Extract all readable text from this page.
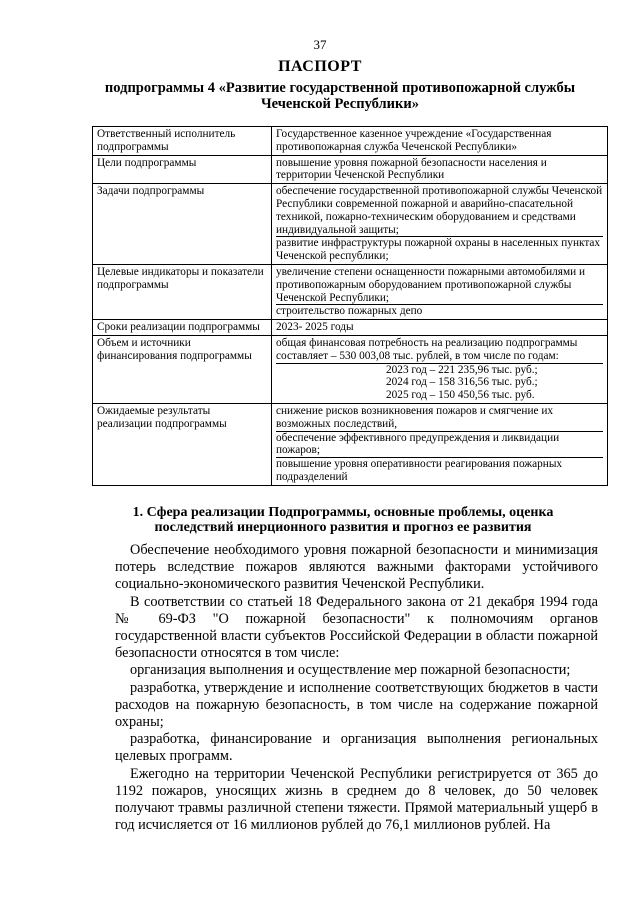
37
ПАСПОРТ
подпрограммы 4 «Развитие государственной противопожарной службы Чеченской Республики»
Ответственный исполнитель подпрограммы	Государственное казенное учреждение «Государственная противопожарная служба Чеченской Республики»

Цели подпрограммы	повышение уровня пожарной безопасности населения и территории Чеченской Республики

Задачи подпрограммы	обеспечение государственной противопожарной службы Чеченской Республики современной пожарной и аварийно-спасательной техникой, пожарно-техническим оборудованием и средствами индивидуальной защиты;
развитие инфраструктуры пожарной охраны в населенных пунктах Чеченской республики;

Целевые индикаторы и показатели подпрограммы	увеличение степени оснащенности пожарными автомобилями и противопожарным оборудованием противопожарной службы Чеченской Республики;
строительство пожарных депо

Сроки реализации подпрограммы	2023- 2025 годы

Объем и источники финансирования подпрограммы	общая финансовая потребность на реализацию подпрограммы составляет – 530 003,08 тыс. рублей, в том числе по годам:
2023 год – 221 235,96 тыс. руб.;
2024 год – 158 316,56 тыс. руб.;
2025 год – 150 450,56 тыс. руб.

Ожидаемые результаты реализации подпрограммы	снижение рисков возникновения пожаров и смягчение их возможных последствий,
обеспечение эффективного предупреждения и ликвидации пожаров;
повышение уровня оперативности реагирования пожарных подразделений
1. Сфера реализации Подпрограммы, основные проблемы, оценка последствий инерционного развития и прогноз ее развития

Обеспечение необходимого уровня пожарной безопасности и минимизация потерь вследствие пожаров являются важными факторами устойчивого социально-экономического развития Чеченской Республики.

В соответствии со статьей 18 Федерального закона от 21 декабря 1994 года № 69-ФЗ "О пожарной безопасности" к полномочиям органов государственной власти субъектов Российской Федерации в области пожарной безопасности относятся в том числе:

организация выполнения и осуществление мер пожарной безопасности;

разработка, утверждение и исполнение соответствующих бюджетов в части расходов на пожарную безопасность, в том числе на содержание пожарной охраны;

разработка, финансирование и организация выполнения региональных целевых программ.

Ежегодно на территории Чеченской Республики регистрируется от 365 до 1192 пожаров, уносящих жизнь в среднем до 8 человек, до 50 человек получают травмы различной степени тяжести. Прямой материальный ущерб в год исчисляется от 16 миллионов рублей до 76,1 миллионов рублей. На
